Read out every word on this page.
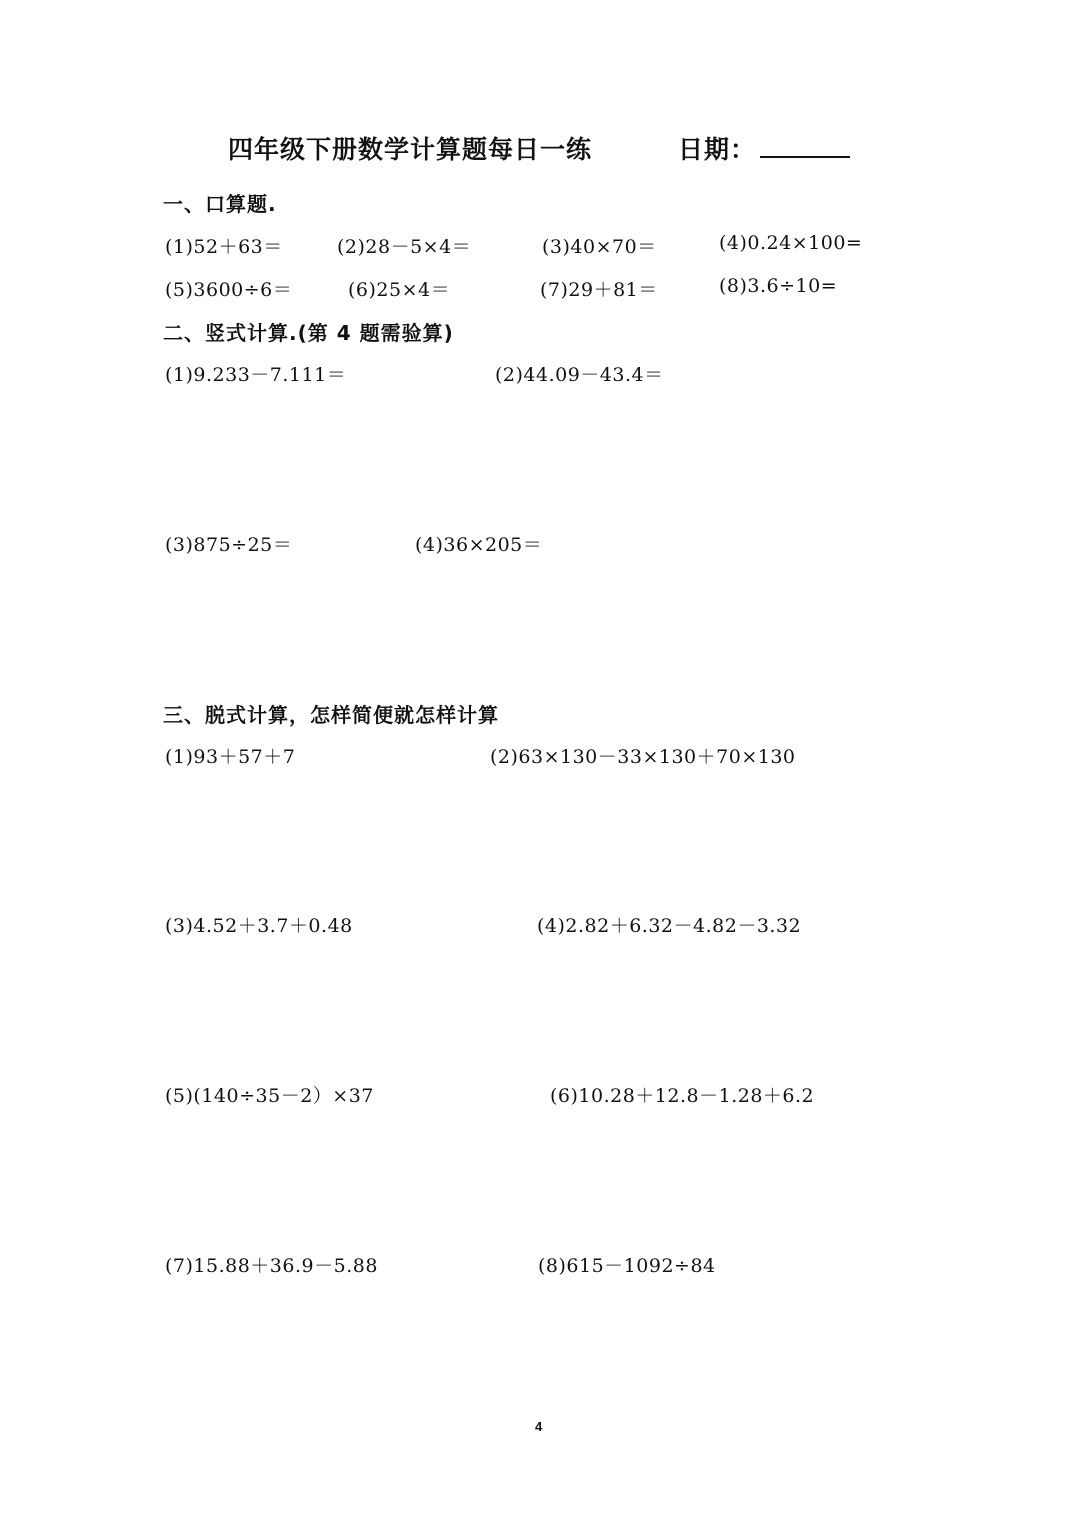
四年级下册数学计算题每日一练	日期：
一、口算题.
(1)52＋63＝	(2)28－5×4＝	(3)40×70＝	(4)0.24×100=
(5)3600÷6＝	(6)25×4＝	(7)29＋81＝	(8)3.6÷10=
二、竖式计算.(第 4 题需验算)
(1)9.233－7.111＝	(2)44.09－43.4＝
(3)875÷25＝	(4)36×205＝
三、脱式计算，怎样简便就怎样计算
(1)93＋57＋7	(2)63×130－33×130＋70×130
(3)4.52＋3.7＋0.48	(4)2.82＋6.32－4.82－3.32
(5)(140÷35－2）×37	(6)10.28＋12.8－1.28＋6.2
(7)15.88＋36.9－5.88	(8)615－1092÷84
4
